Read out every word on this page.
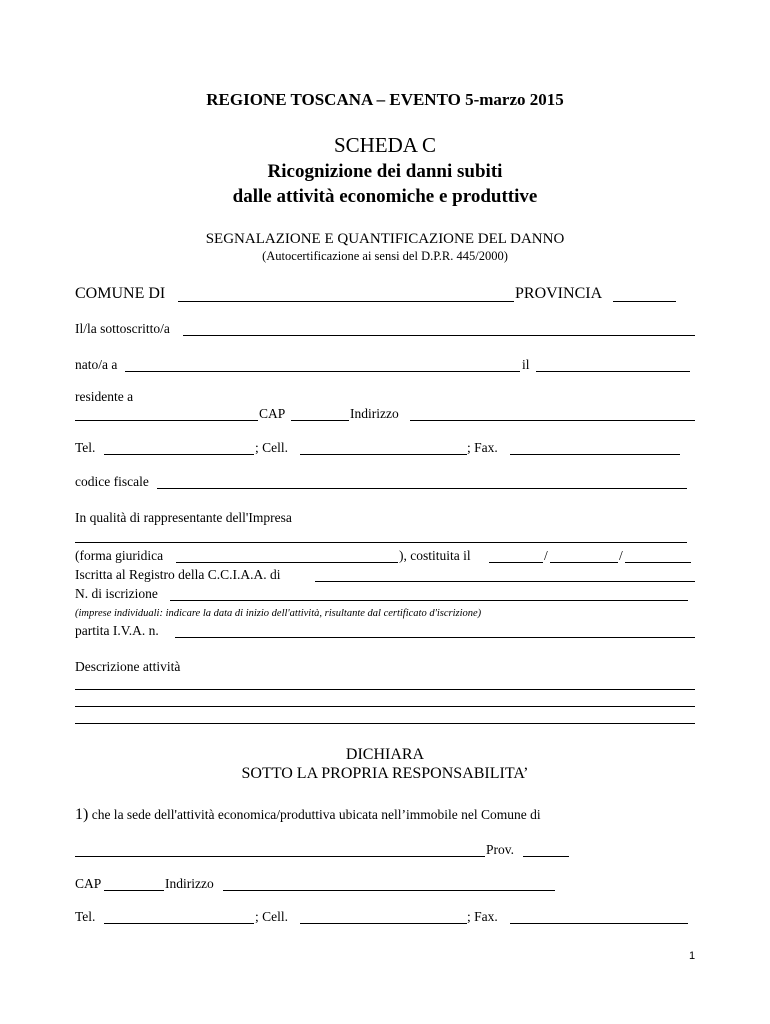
REGIONE TOSCANA – EVENTO 5-marzo 2015
SCHEDA C
Ricognizione dei danni subiti
dalle attività economiche e produttive
SEGNALAZIONE E QUANTIFICAZIONE DEL DANNO
(Autocertificazione ai sensi del D.P.R. 445/2000)
COMUNE DI	PROVINCIA
Il/la sottoscritto/a
nato/a a	il
residente a
CAP	Indirizzo
Tel.	; Cell.	; Fax.
codice fiscale
In qualità di rappresentante dell'Impresa
(forma giuridica	), costituita il	/	/
Iscritta al Registro della C.C.I.A.A. di
N. di iscrizione
(imprese individuali: indicare la data di inizio dell'attività, risultante dal certificato d'iscrizione)
partita I.V.A. n.
Descrizione attività
DICHIARA
SOTTO LA PROPRIA RESPONSABILITA’
1) che la sede dell'attività economica/produttiva ubicata nell’immobile nel Comune di
Prov.
CAP	Indirizzo
Tel.	; Cell.	; Fax.
1
